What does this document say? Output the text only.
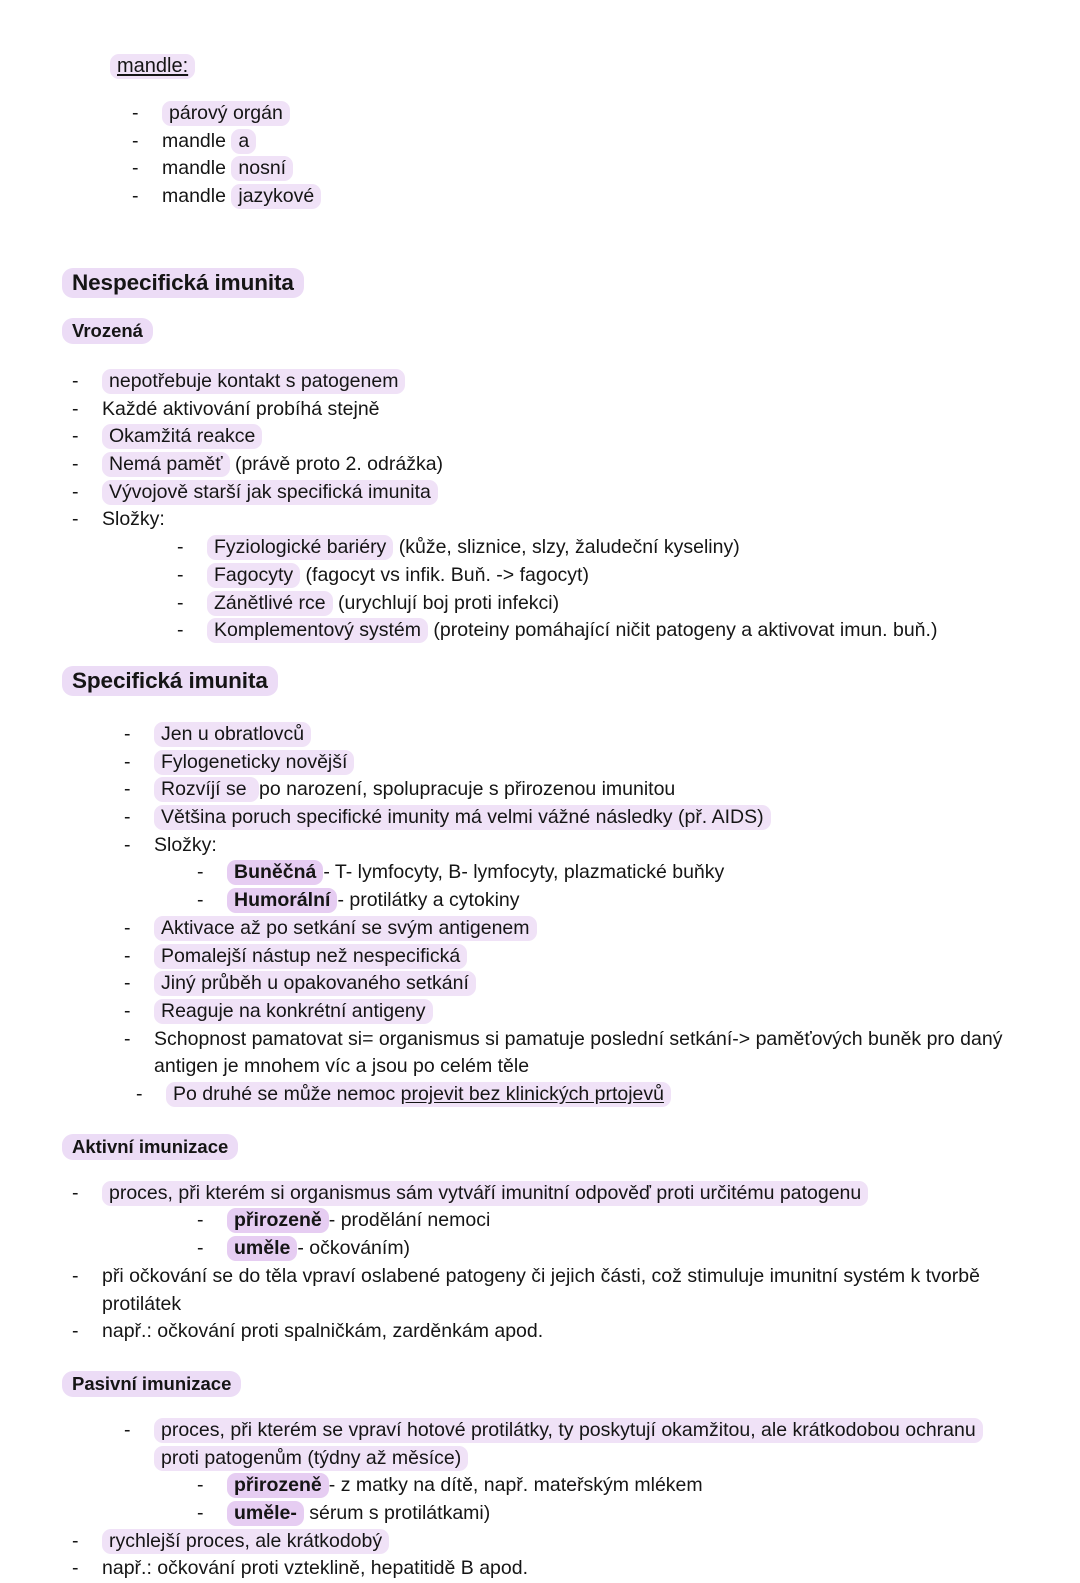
mandle:
-	párový orgán
-	mandle a
-	mandle nosní
-	mandle jazykové
Nespecifická imunita
Vrozená
-	nepotřebuje kontakt s patogenem
-	Každé aktivování probíhá stejně
-	Okamžitá reakce
-	Nemá paměť (právě proto 2. odrážka)
-	Vývojově starší jak specifická imunita
-	Složky:
-	Fyziologické bariéry (kůže, sliznice, slzy, žaludeční kyseliny)
-	Fagocyty (fagocyt vs infik. Buň. -> fagocyt)
-	Zánětlivé rce (urychlují boj proti infekci)
-	Komplementový systém (proteiny pomáhající ničit patogeny a aktivovat imun. buň.)
Specifická imunita
-	Jen u obratlovců
-	Fylogeneticky novější
-	Rozvíjí se po narození, spolupracuje s přirozenou imunitou
-	Většina poruch specifické imunity má velmi vážné následky (př. AIDS)
-	Složky:
-	Buněčná - T- lymfocyty, B- lymfocyty, plazmatické buňky
-	Humorální - protilátky a cytokiny
-	Aktivace až po setkání se svým antigenem
-	Pomalejší nástup než nespecifická
-	Jiný průběh u opakovaného setkání
-	Reaguje na konkrétní antigeny
-	Schopnost pamatovat si= organismus si pamatuje poslední setkání-> paměťových buněk pro daný antigen je mnohem víc a jsou po celém těle
-	Po druhé se může nemoc projevit bez klinických prtojevů
Aktivní imunizace
-	proces, při kterém si organismus sám vytváří imunitní odpověď proti určitému patogenu
-	přirozeně - prodělání nemoci
-	uměle - očkováním)
-	při očkování se do těla vpraví oslabené patogeny či jejich části, což stimuluje imunitní systém k tvorbě protilátek
-	např.: očkování proti spalničkám, zarděnkám apod.
Pasivní imunizace
-	proces, při kterém se vpraví hotové protilátky, ty poskytují okamžitou, ale krátkodobou ochranu proti patogenům (týdny až měsíce)
-	přirozeně - z matky na dítě, např. mateřským mlékem
-	uměle- sérum s protilátkami)
-	rychlejší proces, ale krátkodobý
-	např.: očkování proti vzteklině, hepatitidě B apod.
